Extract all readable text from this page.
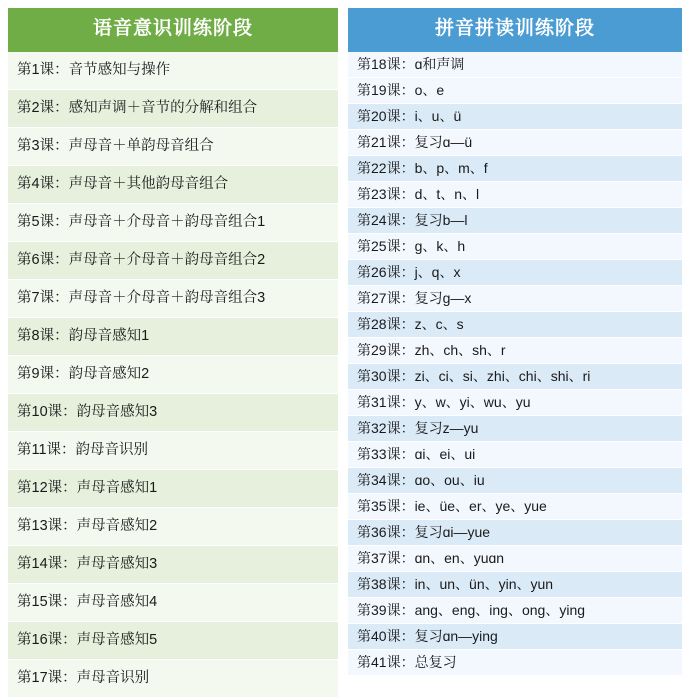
语音意识训练阶段
第1课：音节感知与操作
第2课：感知声调＋音节的分解和组合
第3课：声母音＋单韵母音组合
第4课：声母音＋其他韵母音组合
第5课：声母音＋介母音＋韵母音组合1
第6课：声母音＋介母音＋韵母音组合2
第7课：声母音＋介母音＋韵母音组合3
第8课：韵母音感知1
第9课：韵母音感知2
第10课：韵母音感知3
第11课：韵母音识别
第12课：声母音感知1
第13课：声母音感知2
第14课：声母音感知3
第15课：声母音感知4
第16课：声母音感知5
第17课：声母音识别
拼音拼读训练阶段
第18课：ɑ和声调
第19课：o、e
第20课：i、u、ü
第21课：复习ɑ—ü
第22课：b、p、m、f
第23课：d、t、n、l
第24课：复习b—l
第25课：g、k、h
第26课：j、q、x
第27课：复习g—x
第28课：z、c、s
第29课：zh、ch、sh、r
第30课：zi、ci、si、zhi、chi、shi、ri
第31课：y、w、yi、wu、yu
第32课：复习z—yu
第33课：ɑi、ei、ui
第34课：ɑo、ou、iu
第35课：ie、üe、er、ye、yue
第36课：复习ɑi—yue
第37课：ɑn、en、yuɑn
第38课：in、un、ün、yin、yun
第39课：ang、eng、ing、ong、ying
第40课：复习ɑn—ying
第41课：总复习
